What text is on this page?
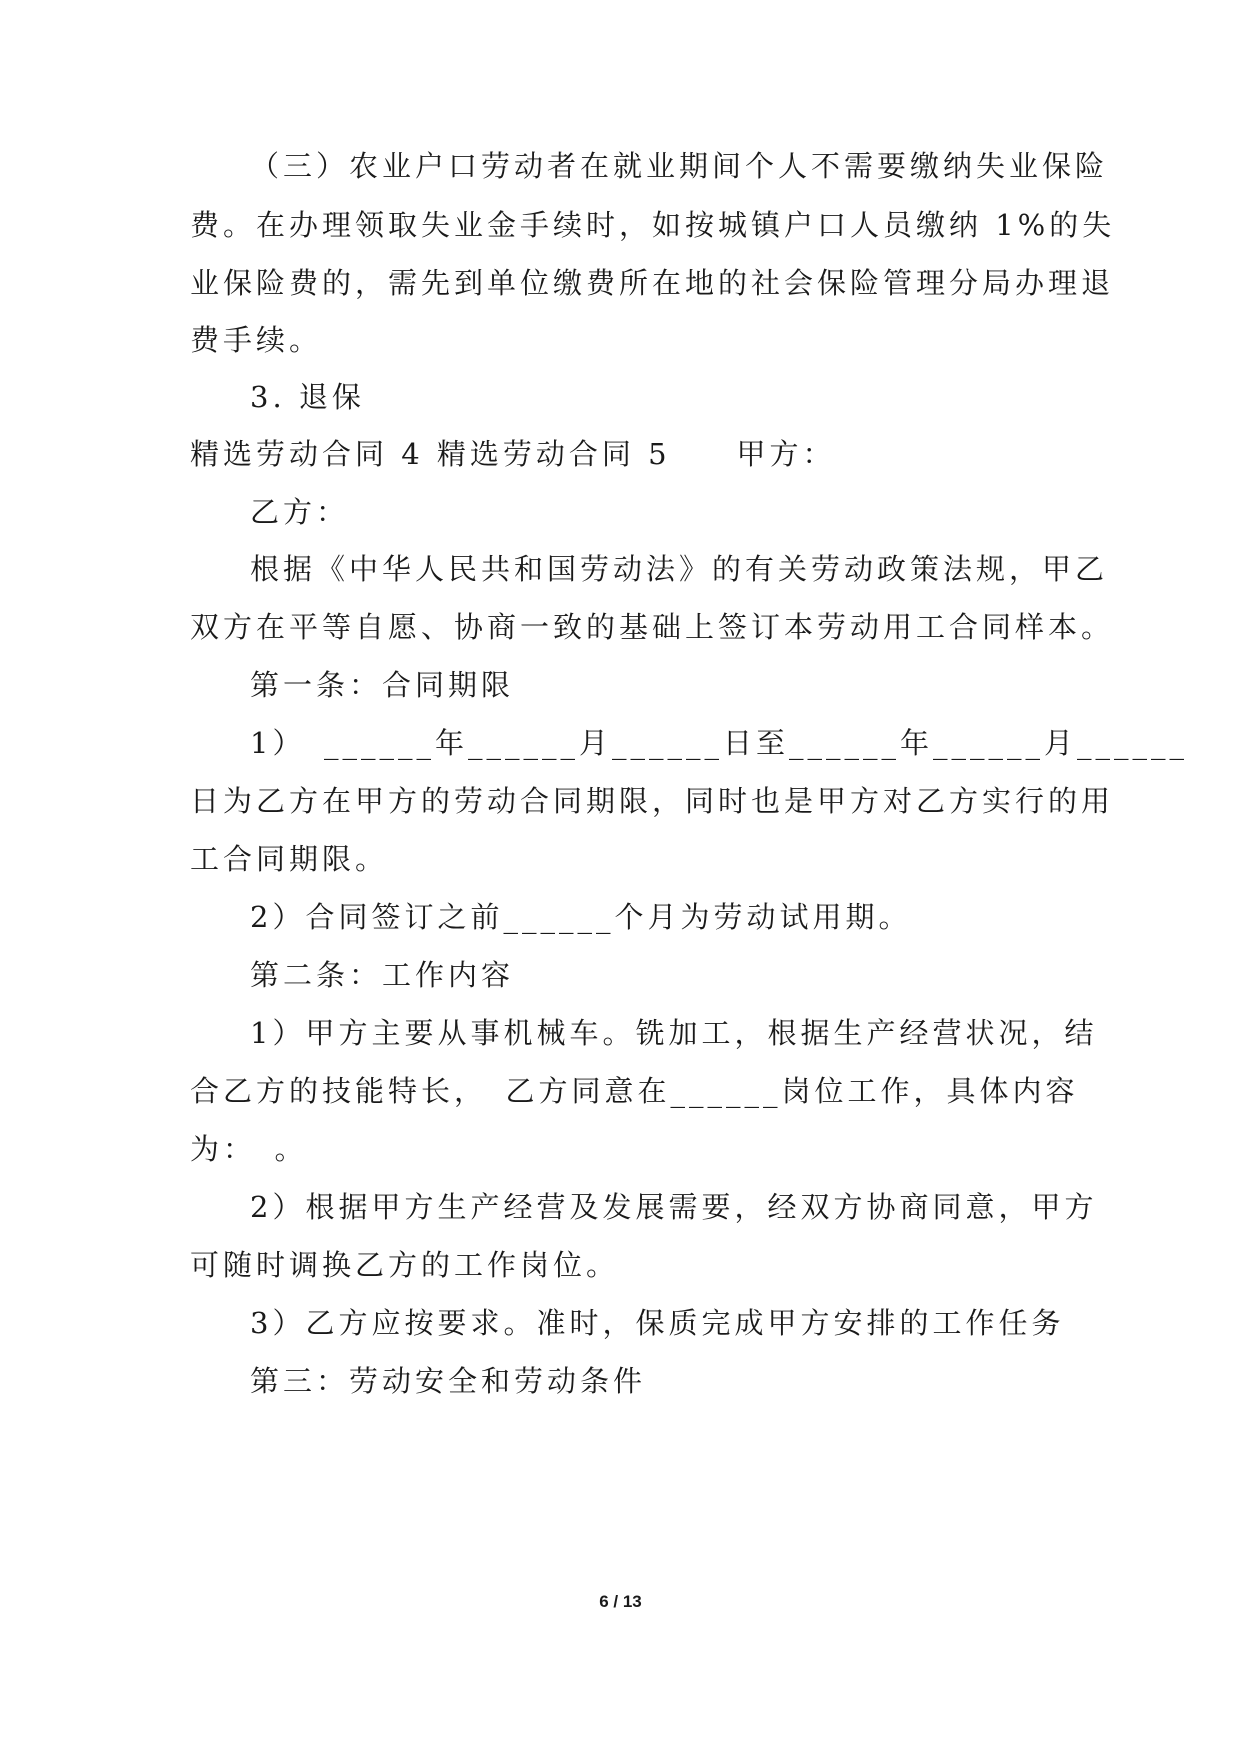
（三）农业户口劳动者在就业期间个人不需要缴纳失业保险
费。在办理领取失业金手续时，如按城镇户口人员缴纳 1%的失
业保险费的，需先到单位缴费所在地的社会保险管理分局办理退
费手续。
3. 退保
精选劳动合同 4 精选劳动合同 5　　甲方：
乙方：
根据《中华人民共和国劳动法》的有关劳动政策法规，甲乙
双方在平等自愿、协商一致的基础上签订本劳动用工合同样本。
第一条：合同期限
1）　______年______月______日至______年______月______
日为乙方在甲方的劳动合同期限，同时也是甲方对乙方实行的用
工合同期限。
2）合同签订之前______个月为劳动试用期。
第二条：工作内容
1）甲方主要从事机械车。铣加工，根据生产经营状况，结
合乙方的技能特长，　乙方同意在______岗位工作，具体内容
为：　。
2）根据甲方生产经营及发展需要，经双方协商同意，甲方
可随时调换乙方的工作岗位。
3）乙方应按要求。准时，保质完成甲方安排的工作任务
第三：劳动安全和劳动条件
6 / 13
